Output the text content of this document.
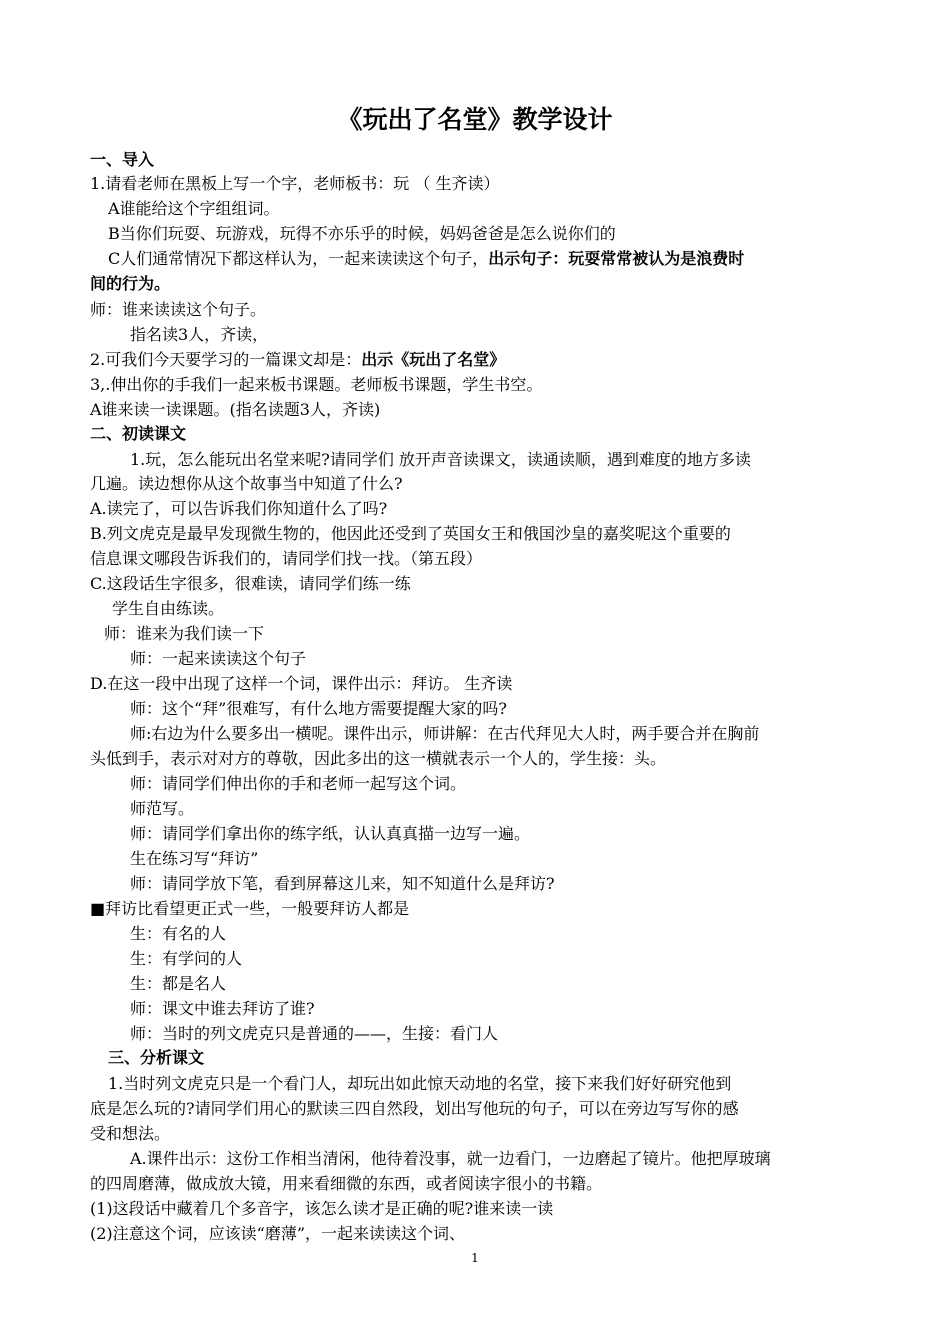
《玩出了名堂》教学设计

一、导入

1.请看老师在黑板上写一个字，老师板书：玩 （ 生齐读）

A谁能给这个字组组词。

B当你们玩耍、玩游戏，玩得不亦乐乎的时候，妈妈爸爸是怎么说你们的

C人们通常情况下都这样认为，一起来读读这个句子，出示句子：玩耍常常被认为是浪费时

间的行为。

师：谁来读读这个句子。

指名读3人，齐读，

2.可我们今天要学习的一篇课文却是：出示《玩出了名堂》

3,.伸出你的手我们一起来板书课题。老师板书课题，学生书空。

A谁来读一读课题。(指名读题3人，齐读)

二、初读课文

1.玩，怎么能玩出名堂来呢?请同学们 放开声音读课文，读通读顺，遇到难度的地方多读

几遍。读边想你从这个故事当中知道了什么?

A.读完了，可以告诉我们你知道什么了吗?

B.列文虎克是最早发现微生物的，他因此还受到了英国女王和俄国沙皇的嘉奖呢这个重要的

信息课文哪段告诉我们的，请同学们找一找。（第五段）

C.这段话生字很多，很难读，请同学们练一练

学生自由练读。

师：谁来为我们读一下

师：一起来读读这个句子

D.在这一段中出现了这样一个词，课件出示：拜访。 生齐读

师：这个“拜”很难写，有什么地方需要提醒大家的吗?

师:右边为什么要多出一横呢。课件出示，师讲解：在古代拜见大人时，两手要合并在胸前

头低到手，表示对对方的尊敬，因此多出的这一横就表示一个人的，学生接：头。

师：请同学们伸出你的手和老师一起写这个词。

师范写。

师：请同学们拿出你的练字纸，认认真真描一边写一遍。

生在练习写“拜访”

师：请同学放下笔，看到屏幕这儿来，知不知道什么是拜访?

■拜访比看望更正式一些，一般要拜访人都是

生：有名的人

生：有学问的人

生：都是名人

师：课文中谁去拜访了谁?

师：当时的列文虎克只是普通的——，生接：看门人

三、分析课文

1.当时列文虎克只是一个看门人，却玩出如此惊天动地的名堂，接下来我们好好研究他到

底是怎么玩的?请同学们用心的默读三四自然段，划出写他玩的句子，可以在旁边写写你的感

受和想法。

A.课件出示：这份工作相当清闲，他待着没事，就一边看门，一边磨起了镜片。他把厚玻璃

的四周磨薄，做成放大镜，用来看细微的东西，或者阅读字很小的书籍。

(1)这段话中藏着几个多音字，该怎么读才是正确的呢?谁来读一读

(2)注意这个词，应该读“磨薄”，一起来读读这个词、

1
